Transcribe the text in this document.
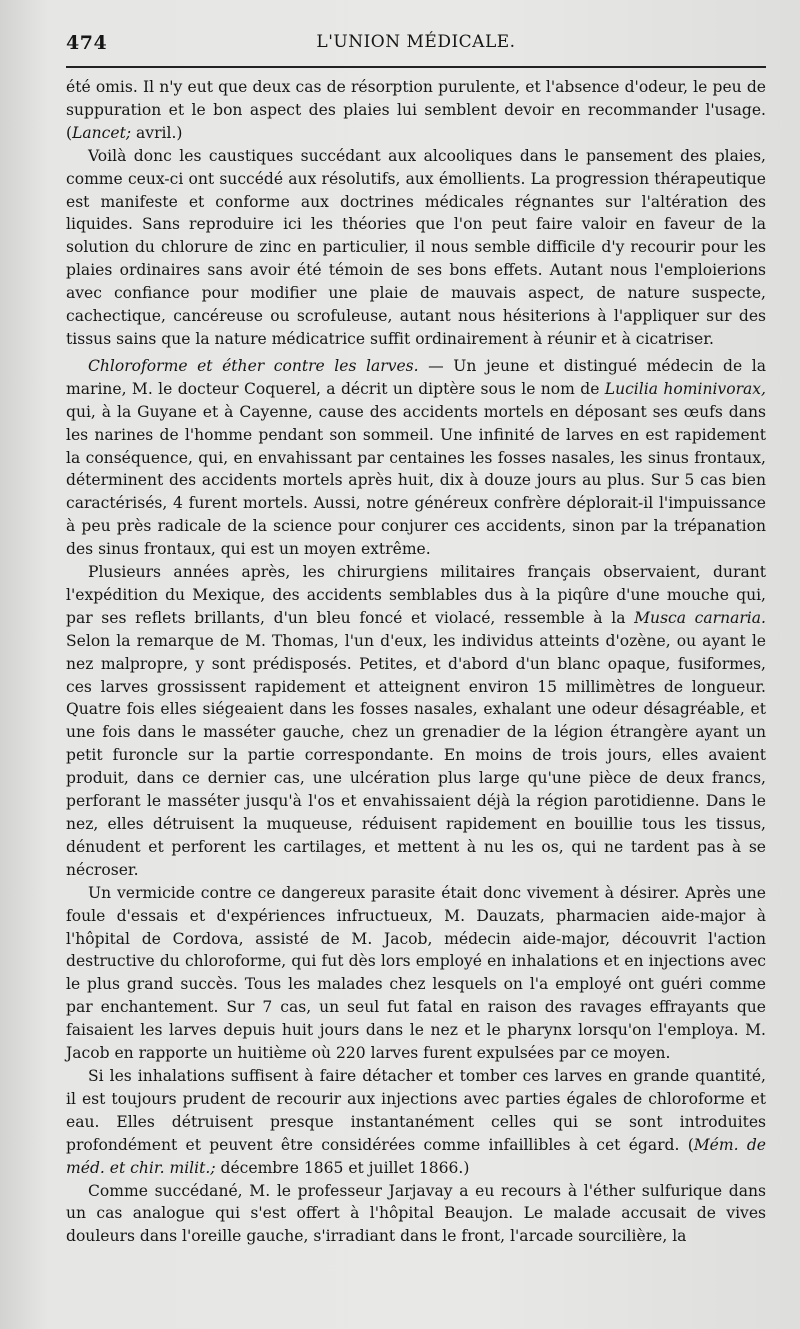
474	L'UNION MÉDICALE.

été omis. Il n'y eut que deux cas de résorption purulente, et l'absence d'odeur, le peu de suppuration et le bon aspect des plaies lui semblent devoir en recommander l'usage. (Lancet; avril.)

Voilà donc les caustiques succédant aux alcooliques dans le pansement des plaies, comme ceux-ci ont succédé aux résolutifs, aux émollients. La progression thérapeutique est manifeste et conforme aux doctrines médicales régnantes sur l'altération des liquides. Sans reproduire ici les théories que l'on peut faire valoir en faveur de la solution du chlorure de zinc en particulier, il nous semble difficile d'y recourir pour les plaies ordinaires sans avoir été témoin de ses bons effets. Autant nous l'emploierions avec confiance pour modifier une plaie de mauvais aspect, de nature suspecte, cachectique, cancéreuse ou scrofuleuse, autant nous hésiterions à l'appliquer sur des tissus sains que la nature médicatrice suffit ordinairement à réunir et à cicatriser.

Chloroforme et éther contre les larves. — Un jeune et distingué médecin de la marine, M. le docteur Coquerel, a décrit un diptère sous le nom de Lucilia hominivorax, qui, à la Guyane et à Cayenne, cause des accidents mortels en déposant ses œufs dans les narines de l'homme pendant son sommeil. Une infinité de larves en est rapidement la conséquence, qui, en envahissant par centaines les fosses nasales, les sinus frontaux, déterminent des accidents mortels après huit, dix à douze jours au plus. Sur 5 cas bien caractérisés, 4 furent mortels. Aussi, notre généreux confrère déplorait-il l'impuissance à peu près radicale de la science pour conjurer ces accidents, sinon par la trépanation des sinus frontaux, qui est un moyen extrême.

Plusieurs années après, les chirurgiens militaires français observaient, durant l'expédition du Mexique, des accidents semblables dus à la piqûre d'une mouche qui, par ses reflets brillants, d'un bleu foncé et violacé, ressemble à la Musca carnaria. Selon la remarque de M. Thomas, l'un d'eux, les individus atteints d'ozène, ou ayant le nez malpropre, y sont prédisposés. Petites, et d'abord d'un blanc opaque, fusiformes, ces larves grossissent rapidement et atteignent environ 15 millimètres de longueur. Quatre fois elles siégeaient dans les fosses nasales, exhalant une odeur désagréable, et une fois dans le masséter gauche, chez un grenadier de la légion étrangère ayant un petit furoncle sur la partie correspondante. En moins de trois jours, elles avaient produit, dans ce dernier cas, une ulcération plus large qu'une pièce de deux francs, perforant le masséter jusqu'à l'os et envahissaient déjà la région parotidienne. Dans le nez, elles détruisent la muqueuse, réduisent rapidement en bouillie tous les tissus, dénudent et perforent les cartilages, et mettent à nu les os, qui ne tardent pas à se nécroser.

Un vermicide contre ce dangereux parasite était donc vivement à désirer. Après une foule d'essais et d'expériences infructueux, M. Dauzats, pharmacien aide-major à l'hôpital de Cordova, assisté de M. Jacob, médecin aide-major, découvrit l'action destructive du chloroforme, qui fut dès lors employé en inhalations et en injections avec le plus grand succès. Tous les malades chez lesquels on l'a employé ont guéri comme par enchantement. Sur 7 cas, un seul fut fatal en raison des ravages effrayants que faisaient les larves depuis huit jours dans le nez et le pharynx lorsqu'on l'employa. M. Jacob en rapporte un huitième où 220 larves furent expulsées par ce moyen.

Si les inhalations suffisent à faire détacher et tomber ces larves en grande quantité, il est toujours prudent de recourir aux injections avec parties égales de chloroforme et eau. Elles détruisent presque instantanément celles qui se sont introduites profondément et peuvent être considérées comme infaillibles à cet égard. (Mém. de méd. et chir. milit.; décembre 1865 et juillet 1866.)

Comme succédané, M. le professeur Jarjavay a eu recours à l'éther sulfurique dans un cas analogue qui s'est offert à l'hôpital Beaujon. Le malade accusait de vives douleurs dans l'oreille gauche, s'irradiant dans le front, l'arcade sourcilière, la
